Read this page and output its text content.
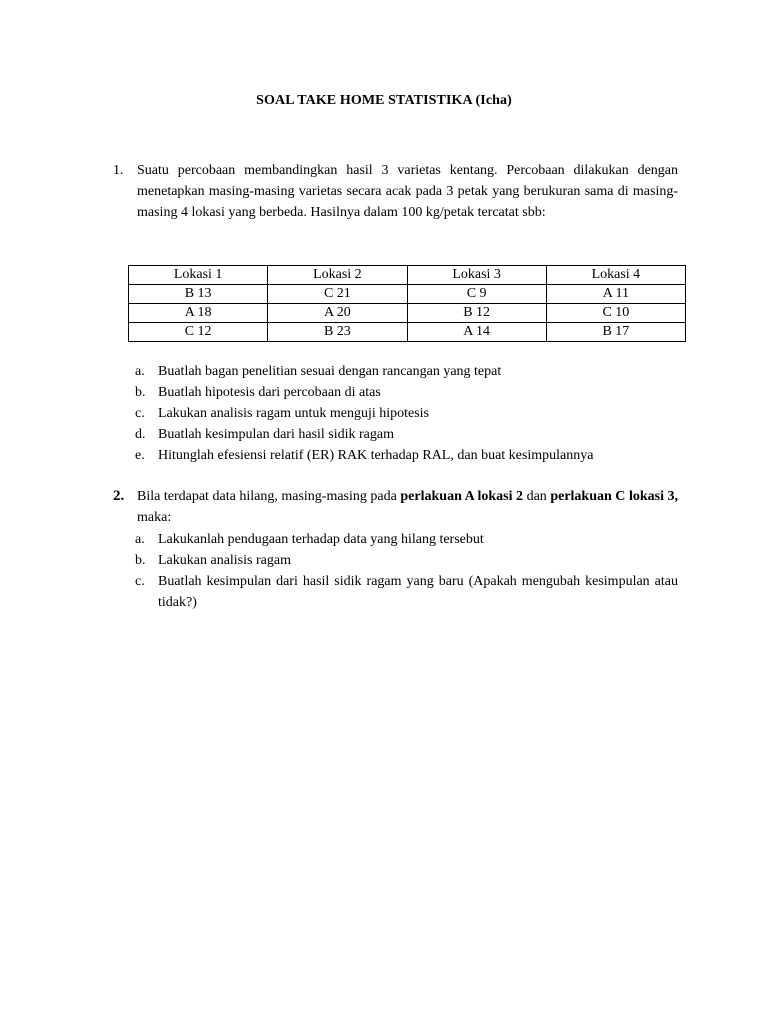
SOAL TAKE HOME STATISTIKA (Icha)
1. Suatu percobaan membandingkan hasil 3 varietas kentang. Percobaan dilakukan dengan menetapkan masing-masing varietas secara acak pada 3 petak yang berukuran sama di masing-masing 4 lokasi yang berbeda. Hasilnya dalam 100 kg/petak tercatat sbb:
Lokasi 1	Lokasi 2	Lokasi 3	Lokasi 4
B 13	C 21	C 9	A 11
A 18	A 20	B 12	C 10
C 12	B 23	A 14	B 17
a. Buatlah bagan penelitian sesuai dengan rancangan yang tepat
b. Buatlah hipotesis dari percobaan di atas
c. Lakukan analisis ragam untuk menguji hipotesis
d. Buatlah kesimpulan dari hasil sidik ragam
e. Hitunglah efesiensi relatif (ER) RAK terhadap RAL, dan buat kesimpulannya
2. Bila terdapat data hilang, masing-masing pada perlakuan A lokasi 2 dan perlakuan C lokasi 3, maka:
a. Lakukanlah pendugaan terhadap data yang hilang tersebut
b. Lakukan analisis ragam
c. Buatlah kesimpulan dari hasil sidik ragam yang baru (Apakah mengubah kesimpulan atau tidak?)
